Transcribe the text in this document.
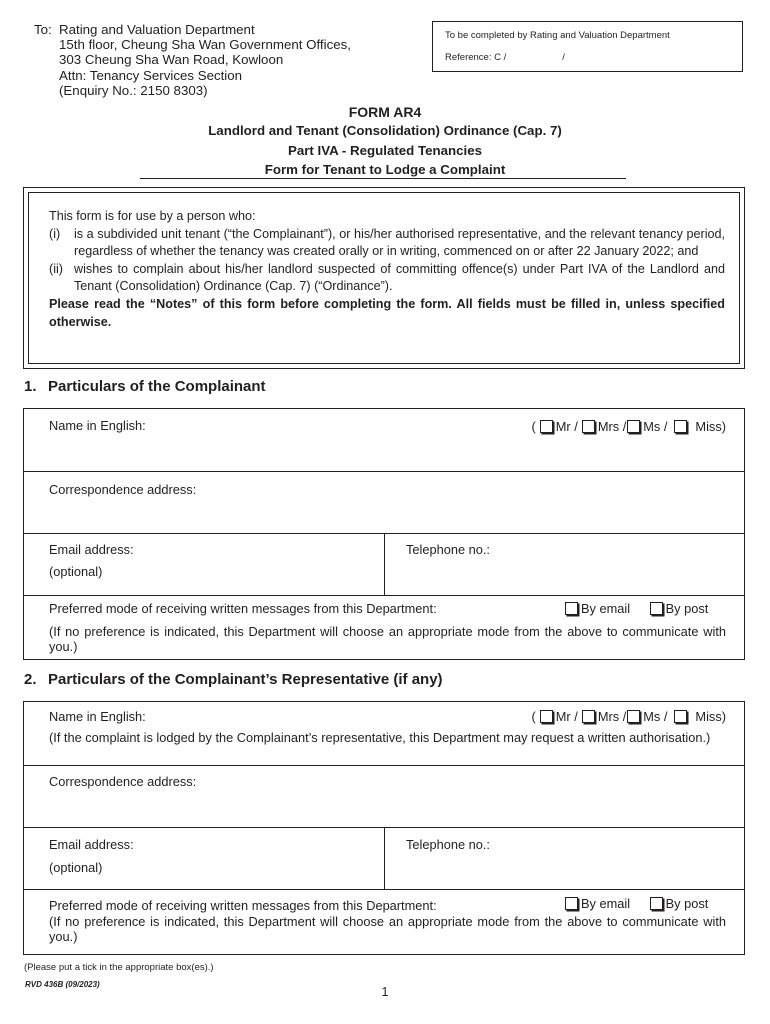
To: Rating and Valuation Department
15th floor, Cheung Sha Wan Government Offices,
303 Cheung Sha Wan Road, Kowloon
Attn: Tenancy Services Section
(Enquiry No.: 2150 8303)
To be completed by Rating and Valuation Department
Reference: C /	/
FORM AR4
Landlord and Tenant (Consolidation) Ordinance (Cap. 7)
Part IVA - Regulated Tenancies
Form for Tenant to Lodge a Complaint
This form is for use by a person who:
(i)	is a subdivided unit tenant (“the Complainant”), or his/her authorised representative, and the relevant tenancy period, regardless of whether the tenancy was created orally or in writing, commenced on or after 22 January 2022; and
(ii) wishes to complain about his/her landlord suspected of committing offence(s) under Part IVA of the Landlord and Tenant (Consolidation) Ordinance (Cap. 7) (“Ordinance”).
Please read the “Notes” of this form before completing the form. All fields must be filled in, unless specified otherwise.
1. Particulars of the Complainant
Name in English:	( Mr / Mrs / Ms / Miss)
Correspondence address:
Email address:
(optional)
Telephone no.:
Preferred mode of receiving written messages from this Department:	By email	By post
(If no preference is indicated, this Department will choose an appropriate mode from the above to communicate with you.)
2. Particulars of the Complainant’s Representative (if any)
Name in English:	( Mr / Mrs / Ms / Miss)
(If the complaint is lodged by the Complainant’s representative, this Department may request a written authorisation.)
Correspondence address:
Email address:
(optional)
Telephone no.:
Preferred mode of receiving written messages from this Department:	By email	By post
(If no preference is indicated, this Department will choose an appropriate mode from the above to communicate with you.)
(Please put a tick in the appropriate box(es).)
RVD 436B (09/2023)
1
